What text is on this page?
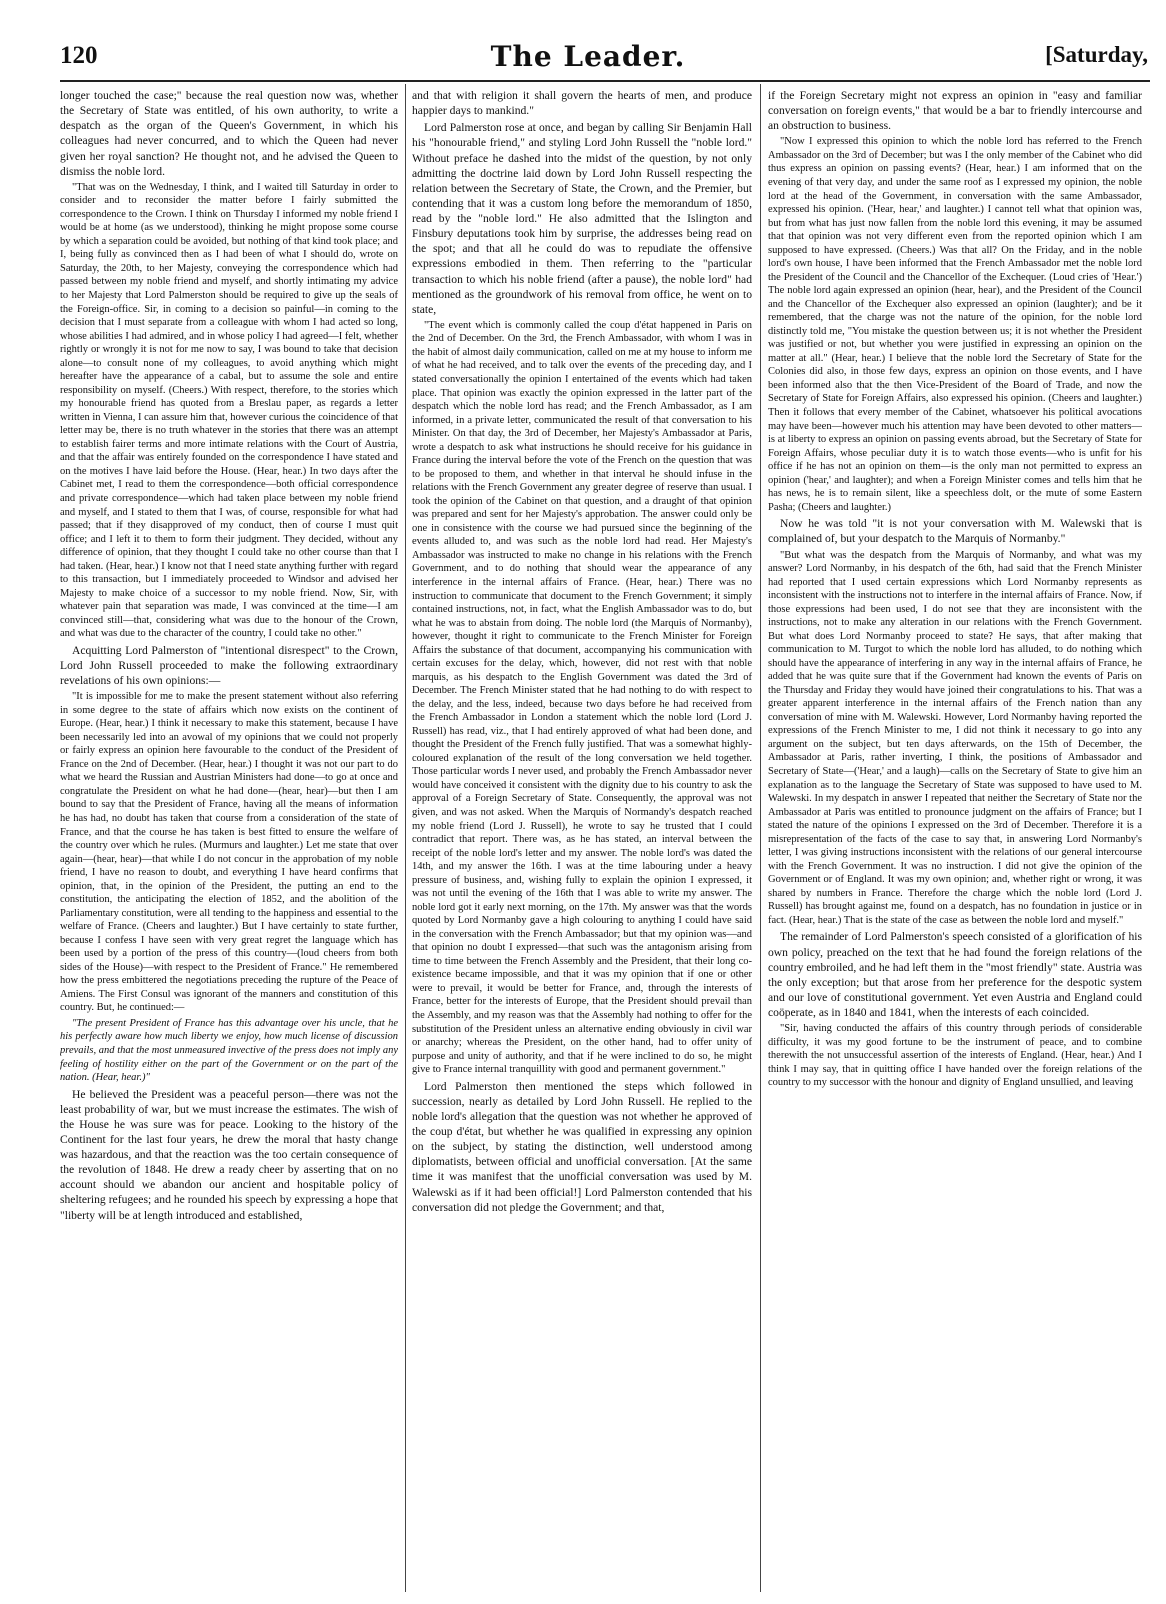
120	The Leader.	[Saturday,

longer touched the case;" because the real question now was, whether the Secretary of State was entitled, of his own authority, to write a despatch as the organ of the Queen's Government, in which his colleagues had never concurred, and to which the Queen had never given her royal sanction? He thought not, and he advised the Queen to dismiss the noble lord.

"That was on the Wednesday, I think, and I waited till Saturday in order to consider and to reconsider the matter before I fairly submitted the correspondence to the Crown. I think on Thursday I informed my noble friend I would be at home (as we understood), thinking he might propose some course by which a separation could be avoided, but nothing of that kind took place; and I, being fully as convinced then as I had been of what I should do, wrote on Saturday, the 20th, to her Majesty, conveying the correspondence which had passed between my noble friend and myself, and shortly intimating my advice to her Majesty that Lord Palmerston should be required to give up the seals of the Foreign-office. Sir, in coming to a decision so painful—in coming to the decision that I must separate from a colleague with whom I had acted so long, whose abilities I had admired, and in whose policy I had agreed—I felt, whether rightly or wrongly it is not for me now to say, I was bound to take that decision alone—to consult none of my colleagues, to avoid anything which might hereafter have the appearance of a cabal, but to assume the sole and entire responsibility on myself. (Cheers.) With respect, therefore, to the stories which my honourable friend has quoted from a Breslau paper, as regards a letter written in Vienna, I can assure him that, however curious the coincidence of that letter may be, there is no truth whatever in the stories that there was an attempt to establish fairer terms and more intimate relations with the Court of Austria, and that the affair was entirely founded on the correspondence I have stated and on the motives I have laid before the House. (Hear, hear.) In two days after the Cabinet met, I read to them the correspondence—both official correspondence and private correspondence—which had taken place between my noble friend and myself, and I stated to them that I was, of course, responsible for what had passed; that if they disapproved of my conduct, then of course I must quit office; and I left it to them to form their judgment. They decided, without any difference of opinion, that they thought I could take no other course than that I had taken. (Hear, hear.) I know not that I need state anything further with regard to this transaction, but I immediately proceeded to Windsor and advised her Majesty to make choice of a successor to my noble friend. Now, Sir, with whatever pain that separation was made, I was convinced at the time—I am convinced still—that, considering what was due to the honour of the Crown, and what was due to the character of the country, I could take no other."

Acquitting Lord Palmerston of "intentional disrespect" to the Crown, Lord John Russell proceeded to make the following extraordinary revelations of his own opinions:—

"It is impossible for me to make the present statement without also referring in some degree to the state of affairs which now exists on the continent of Europe. (Hear, hear.) I think it necessary to make this statement, because I have been necessarily led into an avowal of my opinions that we could not properly or fairly express an opinion here favourable to the conduct of the President of France on the 2nd of December. (Hear, hear.) I thought it was not our part to do what we heard the Russian and Austrian Ministers had done—to go at once and congratulate the President on what he had done—(hear, hear)—but then I am bound to say that the President of France, having all the means of information he has had, no doubt has taken that course from a consideration of the state of France, and that the course he has taken is best fitted to ensure the welfare of the country over which he rules. (Murmurs and laughter.) Let me state that over again—(hear, hear)—that while I do not concur in the approbation of my noble friend, I have no reason to doubt, and everything I have heard confirms that opinion, that, in the opinion of the President, the putting an end to the constitution, the anticipating the election of 1852, and the abolition of the Parliamentary constitution, were all tending to the happiness and essential to the welfare of France. (Cheers and laughter.) But I have certainly to state further, because I confess I have seen with very great regret the language which has been used by a portion of the press of this country—(loud cheers from both sides of the House)—with respect to the President of France." He remembered how the press embittered the negotiations preceding the rupture of the Peace of Amiens. The First Consul was ignorant of the manners and constitution of this country. But, he continued:—

"The present President of France has this advantage over his uncle, that he his perfectly aware how much liberty we enjoy, how much license of discussion prevails, and that the most unmeasured invective of the press does not imply any feeling of hostility either on the part of the Government or on the part of the nation. (Hear, hear.)"

He believed the President was a peaceful person—there was not the least probability of war, but we must increase the estimates. The wish of the House he was sure was for peace. Looking to the history of the Continent for the last four years, he drew the moral that hasty change was hazardous, and that the reaction was the too certain consequence of the revolution of 1848. He drew a ready cheer by asserting that on no account should we abandon our ancient and hospitable policy of sheltering refugees; and he rounded his speech by expressing a hope that "liberty will be at length introduced and established,

and that with religion it shall govern the hearts of men, and produce happier days to mankind."

Lord Palmerston rose at once, and began by calling Sir Benjamin Hall his "honourable friend," and styling Lord John Russell the "noble lord." Without preface he dashed into the midst of the question, by not only admitting the doctrine laid down by Lord John Russell respecting the relation between the Secretary of State, the Crown, and the Premier, but contending that it was a custom long before the memorandum of 1850, read by the "noble lord." He also admitted that the Islington and Finsbury deputations took him by surprise, the addresses being read on the spot; and that all he could do was to repudiate the offensive expressions embodied in them. Then referring to the "particular transaction to which his noble friend (after a pause), the noble lord" had mentioned as the groundwork of his removal from office, he went on to state,

"The event which is commonly called the coup d'état happened in Paris on the 2nd of December. On the 3rd, the French Ambassador, with whom I was in the habit of almost daily communication, called on me at my house to inform me of what he had received, and to talk over the events of the preceding day, and I stated conversationally the opinion I entertained of the events which had taken place. That opinion was exactly the opinion expressed in the latter part of the despatch which the noble lord has read; and the French Ambassador, as I am informed, in a private letter, communicated the result of that conversation to his Minister. On that day, the 3rd of December, her Majesty's Ambassador at Paris, wrote a despatch to ask what instructions he should receive for his guidance in France during the interval before the vote of the French on the question that was to be proposed to them, and whether in that interval he should infuse in the relations with the French Government any greater degree of reserve than usual. I took the opinion of the Cabinet on that question, and a draught of that opinion was prepared and sent for her Majesty's approbation. The answer could only be one in consistence with the course we had pursued since the beginning of the events alluded to, and was such as the noble lord had read. Her Majesty's Ambassador was instructed to make no change in his relations with the French Government, and to do nothing that should wear the appearance of any interference in the internal affairs of France. (Hear, hear.) There was no instruction to communicate that document to the French Government; it simply contained instructions, not, in fact, what the English Ambassador was to do, but what he was to abstain from doing. The noble lord (the Marquis of Normanby), however, thought it right to communicate to the French Minister for Foreign Affairs the substance of that document, accompanying his communication with certain excuses for the delay, which, however, did not rest with that noble marquis, as his despatch to the English Government was dated the 3rd of December. The French Minister stated that he had nothing to do with respect to the delay, and the less, indeed, because two days before he had received from the French Ambassador in London a statement which the noble lord (Lord J. Russell) has read, viz., that I had entirely approved of what had been done, and thought the President of the French fully justified. That was a somewhat highly-coloured explanation of the result of the long conversation we held together. Those particular words I never used, and probably the French Ambassador never would have conceived it consistent with the dignity due to his country to ask the approval of a Foreign Secretary of State. Consequently, the approval was not given, and was not asked. When the Marquis of Normandy's despatch reached my noble friend (Lord J. Russell), he wrote to say he trusted that I could contradict that report. There was, as he has stated, an interval between the receipt of the noble lord's letter and my answer. The noble lord's was dated the 14th, and my answer the 16th. I was at the time labouring under a heavy pressure of business, and, wishing fully to explain the opinion I expressed, it was not until the evening of the 16th that I was able to write my answer. The noble lord got it early next morning, on the 17th. My answer was that the words quoted by Lord Normanby gave a high colouring to anything I could have said in the conversation with the French Ambassador; but that my opinion was—and that opinion no doubt I expressed—that such was the antagonism arising from time to time between the French Assembly and the President, that their long co-existence became impossible, and that it was my opinion that if one or other were to prevail, it would be better for France, and, through the interests of France, better for the interests of Europe, that the President should prevail than the Assembly, and my reason was that the Assembly had nothing to offer for the substitution of the President unless an alternative ending obviously in civil war or anarchy; whereas the President, on the other hand, had to offer unity of purpose and unity of authority, and that if he were inclined to do so, he might give to France internal tranquillity with good and permanent government."

Lord Palmerston then mentioned the steps which followed in succession, nearly as detailed by Lord John Russell. He replied to the noble lord's allegation that the question was not whether he approved of the coup d'état, but whether he was qualified in expressing any opinion on the subject, by stating the distinction, well understood among diplomatists, between official and unofficial conversation. [At the same time it was manifest that the unofficial conversation was used by M. Walewski as if it had been official!] Lord Palmerston contended that his conversation did not pledge the Government; and that,

if the Foreign Secretary might not express an opinion in "easy and familiar conversation on foreign events," that would be a bar to friendly intercourse and an obstruction to business.

"Now I expressed this opinion to which the noble lord has referred to the French Ambassador on the 3rd of December; but was I the only member of the Cabinet who did thus express an opinion on passing events? (Hear, hear.) I am informed that on the evening of that very day, and under the same roof as I expressed my opinion, the noble lord at the head of the Government, in conversation with the same Ambassador, expressed his opinion. ('Hear, hear,' and laughter.) I cannot tell what that opinion was, but from what has just now fallen from the noble lord this evening, it may be assumed that that opinion was not very different even from the reported opinion which I am supposed to have expressed. (Cheers.) Was that all? On the Friday, and in the noble lord's own house, I have been informed that the French Ambassador met the noble lord the President of the Council and the Chancellor of the Exchequer. (Loud cries of 'Hear.') The noble lord again expressed an opinion (hear, hear), and the President of the Council and the Chancellor of the Exchequer also expressed an opinion (laughter); and be it remembered, that the charge was not the nature of the opinion, for the noble lord distinctly told me, "You mistake the question between us; it is not whether the President was justified or not, but whether you were justified in expressing an opinion on the matter at all." (Hear, hear.) I believe that the noble lord the Secretary of State for the Colonies did also, in those few days, express an opinion on those events, and I have been informed also that the then Vice-President of the Board of Trade, and now the Secretary of State for Foreign Affairs, also expressed his opinion. (Cheers and laughter.) Then it follows that every member of the Cabinet, whatsoever his political avocations may have been—however much his attention may have been devoted to other matters—is at liberty to express an opinion on passing events abroad, but the Secretary of State for Foreign Affairs, whose peculiar duty it is to watch those events—who is unfit for his office if he has not an opinion on them—is the only man not permitted to express an opinion ('hear,' and laughter); and when a Foreign Minister comes and tells him that he has news, he is to remain silent, like a speechless dolt, or the mute of some Eastern Pasha; (Cheers and laughter.)

Now he was told "it is not your conversation with M. Walewski that is complained of, but your despatch to the Marquis of Normanby."

"But what was the despatch from the Marquis of Normanby, and what was my answer? Lord Normanby, in his despatch of the 6th, had said that the French Minister had reported that I used certain expressions which Lord Normanby represents as inconsistent with the instructions not to interfere in the internal affairs of France. Now, if those expressions had been used, I do not see that they are inconsistent with the instructions, not to make any alteration in our relations with the French Government. But what does Lord Normanby proceed to state? He says, that after making that communication to M. Turgot to which the noble lord has alluded, to do nothing which should have the appearance of interfering in any way in the internal affairs of France, he added that he was quite sure that if the Government had known the events of Paris on the Thursday and Friday they would have joined their congratulations to his. That was a greater apparent interference in the internal affairs of the French nation than any conversation of mine with M. Walewski. However, Lord Normanby having reported the expressions of the French Minister to me, I did not think it necessary to go into any argument on the subject, but ten days afterwards, on the 15th of December, the Ambassador at Paris, rather inverting, I think, the positions of Ambassador and Secretary of State—('Hear,' and a laugh)—calls on the Secretary of State to give him an explanation as to the language the Secretary of State was supposed to have used to M. Walewski. In my despatch in answer I repeated that neither the Secretary of State nor the Ambassador at Paris was entitled to pronounce judgment on the affairs of France; but I stated the nature of the opinions I expressed on the 3rd of December. Therefore it is a misrepresentation of the facts of the case to say that, in answering Lord Normanby's letter, I was giving instructions inconsistent with the relations of our general intercourse with the French Government. It was no instruction. I did not give the opinion of the Government or of England. It was my own opinion; and, whether right or wrong, it was shared by numbers in France. Therefore the charge which the noble lord (Lord J. Russell) has brought against me, found on a despatch, has no foundation in justice or in fact. (Hear, hear.) That is the state of the case as between the noble lord and myself."

The remainder of Lord Palmerston's speech consisted of a glorification of his own policy, preached on the text that he had found the foreign relations of the country embroiled, and he had left them in the "most friendly" state. Austria was the only exception; but that arose from her preference for the despotic system and our love of constitutional government. Yet even Austria and England could coöperate, as in 1840 and 1841, when the interests of each coincided.

"Sir, having conducted the affairs of this country through periods of considerable difficulty, it was my good fortune to be the instrument of peace, and to combine therewith the not unsuccessful assertion of the interests of England. (Hear, hear.) And I think I may say, that in quitting office I have handed over the foreign relations of the country to my successor with the honour and dignity of England unsullied, and leaving
